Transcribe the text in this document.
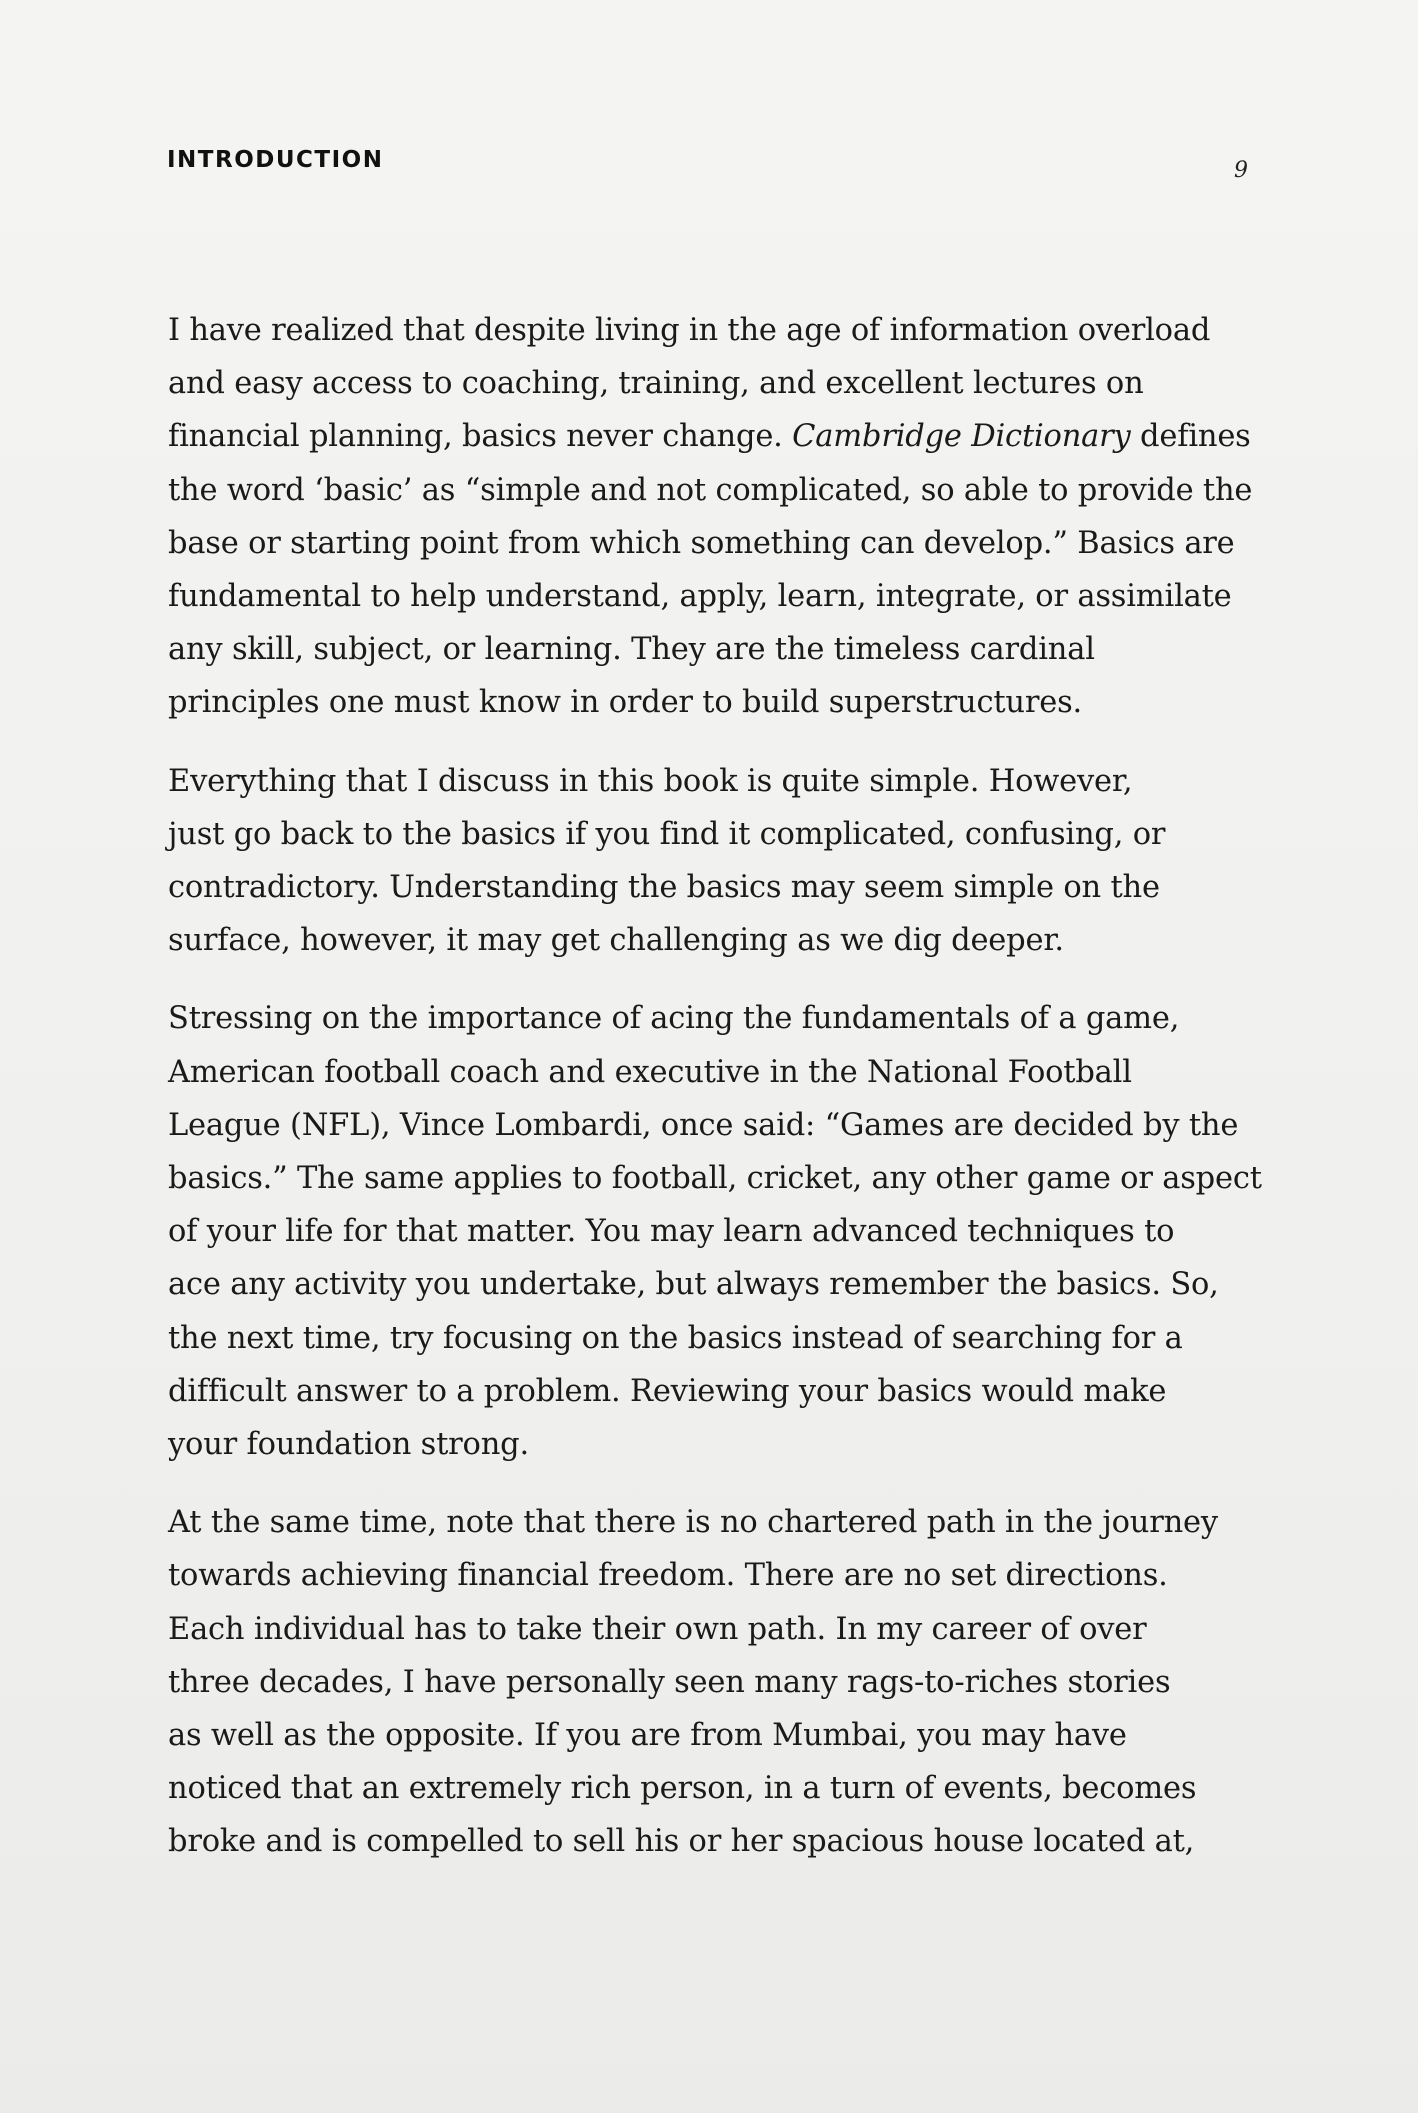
INTRODUCTION	9

I have realized that despite living in the age of information overload
and easy access to coaching, training, and excellent lectures on
financial planning, basics never change. Cambridge Dictionary defines
the word ‘basic’ as “simple and not complicated, so able to provide the
base or starting point from which something can develop.” Basics are
fundamental to help understand, apply, learn, integrate, or assimilate
any skill, subject, or learning. They are the timeless cardinal
principles one must know in order to build superstructures.

Everything that I discuss in this book is quite simple. However,
just go back to the basics if you find it complicated, confusing, or
contradictory. Understanding the basics may seem simple on the
surface, however, it may get challenging as we dig deeper.

Stressing on the importance of acing the fundamentals of a game,
American football coach and executive in the National Football
League (NFL), Vince Lombardi, once said: “Games are decided by the
basics.” The same applies to football, cricket, any other game or aspect
of your life for that matter. You may learn advanced techniques to
ace any activity you undertake, but always remember the basics. So,
the next time, try focusing on the basics instead of searching for a
difficult answer to a problem. Reviewing your basics would make
your foundation strong.

At the same time, note that there is no chartered path in the journey
towards achieving financial freedom. There are no set directions.
Each individual has to take their own path. In my career of over
three decades, I have personally seen many rags-to-riches stories
as well as the opposite. If you are from Mumbai, you may have
noticed that an extremely rich person, in a turn of events, becomes
broke and is compelled to sell his or her spacious house located at,
